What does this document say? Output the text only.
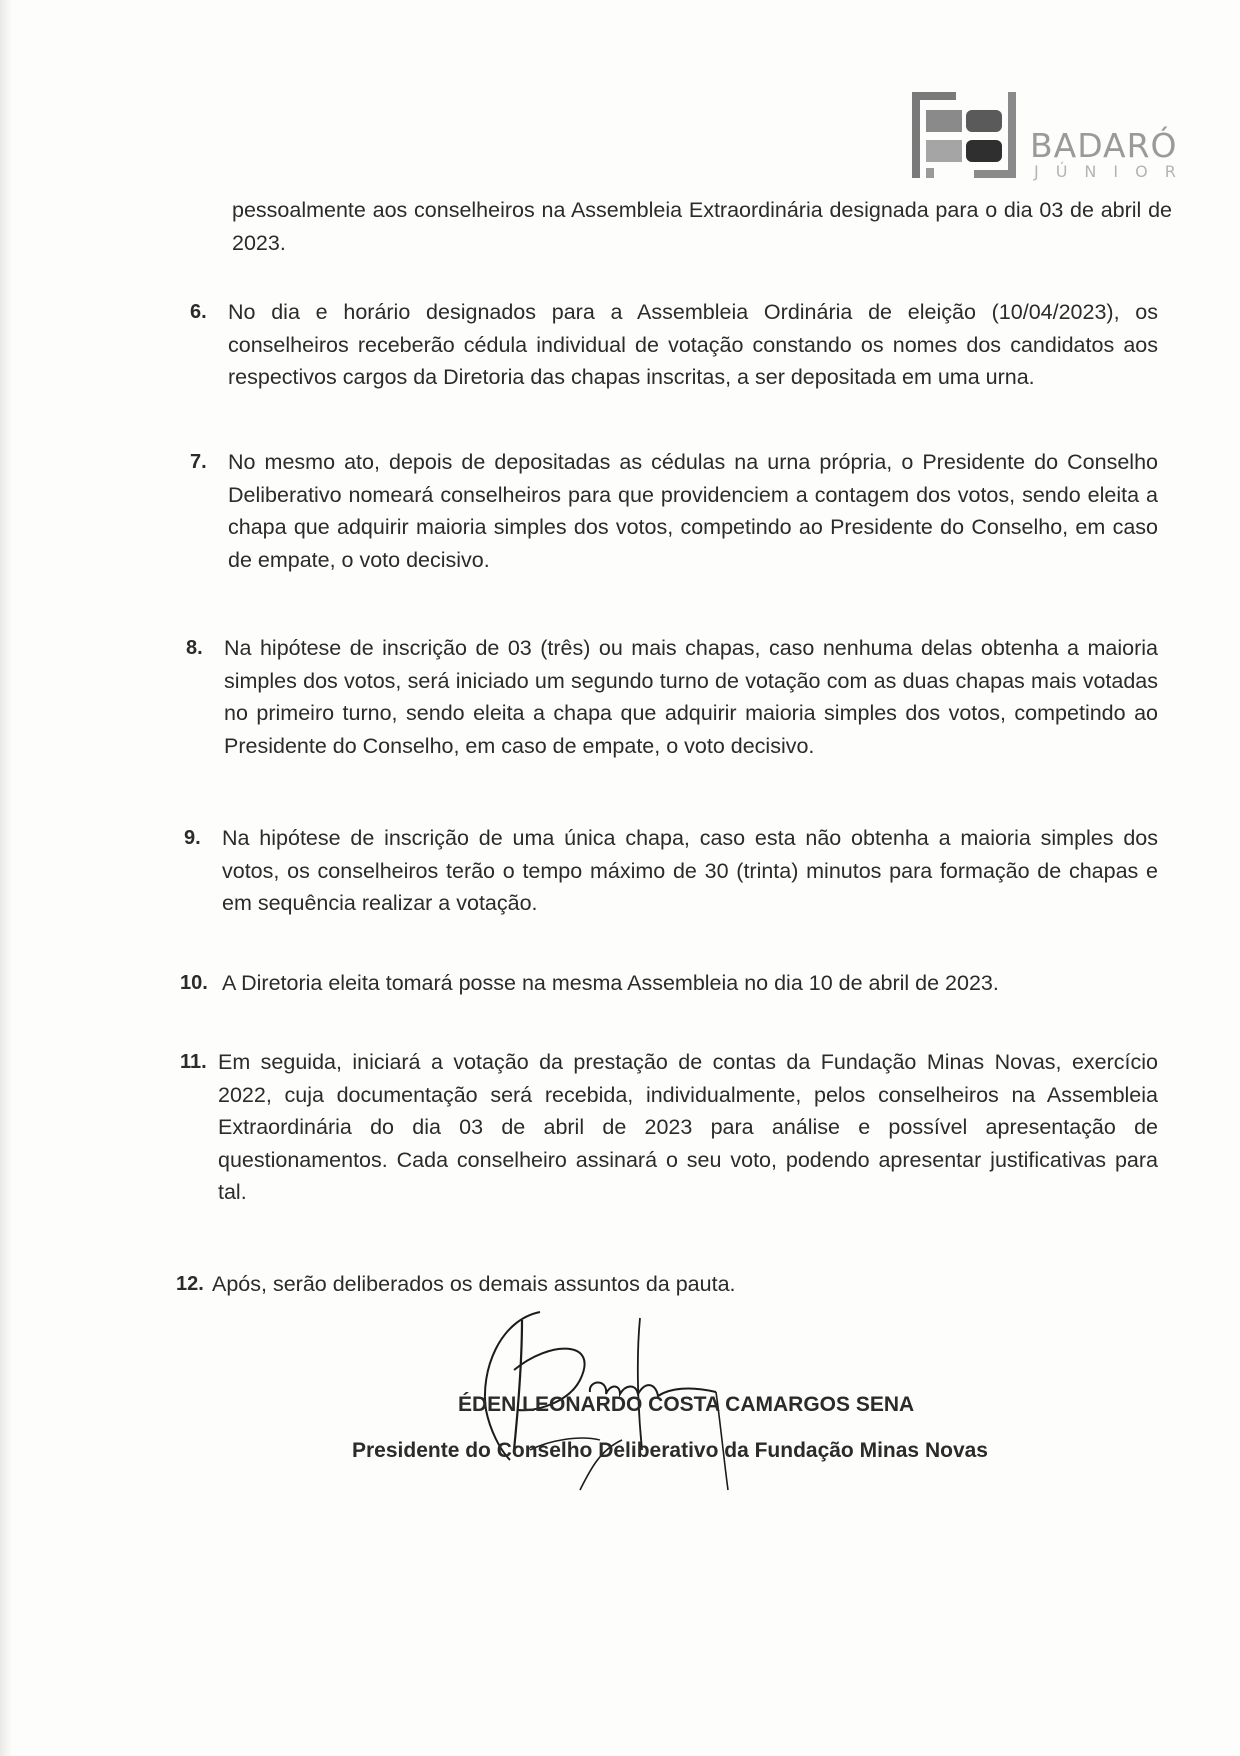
BADARÓ
JÚNIOR
pessoalmente aos conselheiros na Assembleia Extraordinária designada para o dia 03 de abril de 2023.
6. No dia e horário designados para a Assembleia Ordinária de eleição (10/04/2023), os conselheiros receberão cédula individual de votação constando os nomes dos candidatos aos respectivos cargos da Diretoria das chapas inscritas, a ser depositada em uma urna.
7. No mesmo ato, depois de depositadas as cédulas na urna própria, o Presidente do Conselho Deliberativo nomeará conselheiros para que providenciem a contagem dos votos, sendo eleita a chapa que adquirir maioria simples dos votos, competindo ao Presidente do Conselho, em caso de empate, o voto decisivo.
8. Na hipótese de inscrição de 03 (três) ou mais chapas, caso nenhuma delas obtenha a maioria simples dos votos, será iniciado um segundo turno de votação com as duas chapas mais votadas no primeiro turno, sendo eleita a chapa que adquirir maioria simples dos votos, competindo ao Presidente do Conselho, em caso de empate, o voto decisivo.
9. Na hipótese de inscrição de uma única chapa, caso esta não obtenha a maioria simples dos votos, os conselheiros terão o tempo máximo de 30 (trinta) minutos para formação de chapas e em sequência realizar a votação.
10. A Diretoria eleita tomará posse na mesma Assembleia no dia 10 de abril de 2023.
11. Em seguida, iniciará a votação da prestação de contas da Fundação Minas Novas, exercício 2022, cuja documentação será recebida, individualmente, pelos conselheiros na Assembleia Extraordinária do dia 03 de abril de 2023 para análise e possível apresentação de questionamentos. Cada conselheiro assinará o seu voto, podendo apresentar justificativas para tal.
12. Após, serão deliberados os demais assuntos da pauta.
ÉDEN LEONARDO COSTA CAMARGOS SENA
Presidente do Conselho Deliberativo da Fundação Minas Novas
